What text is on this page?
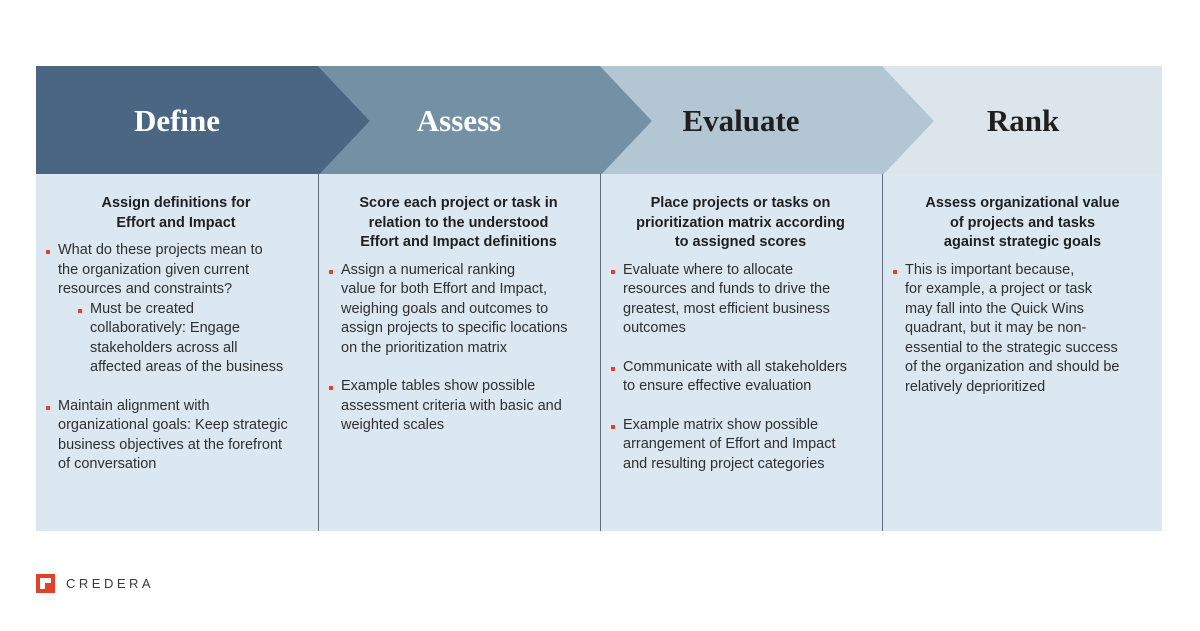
Define	Assess	Evaluate	Rank
Assign definitions for
Effort and Impact
What do these projects mean to
the organization given current
resources and constraints?
Must be created
collaboratively: Engage
stakeholders across all
affected areas of the business
Maintain alignment with
organizational goals: Keep strategic
business objectives at the forefront
of conversation
Score each project or task in
relation to the understood
Effort and Impact definitions
Assign a numerical ranking
value for both Effort and Impact,
weighing goals and outcomes to
assign projects to specific locations
on the prioritization matrix
Example tables show possible
assessment criteria with basic and
weighted scales
Place projects or tasks on
prioritization matrix according
to assigned scores
Evaluate where to allocate
resources and funds to drive the
greatest, most efficient business
outcomes
Communicate with all stakeholders
to ensure effective evaluation
Example matrix show possible
arrangement of Effort and Impact
and resulting project categories
Assess organizational value
of projects and tasks
against strategic goals
This is important because,
for example, a project or task
may fall into the Quick Wins
quadrant, but it may be non-
essential to the strategic success
of the organization and should be
relatively deprioritized
CREDERA
